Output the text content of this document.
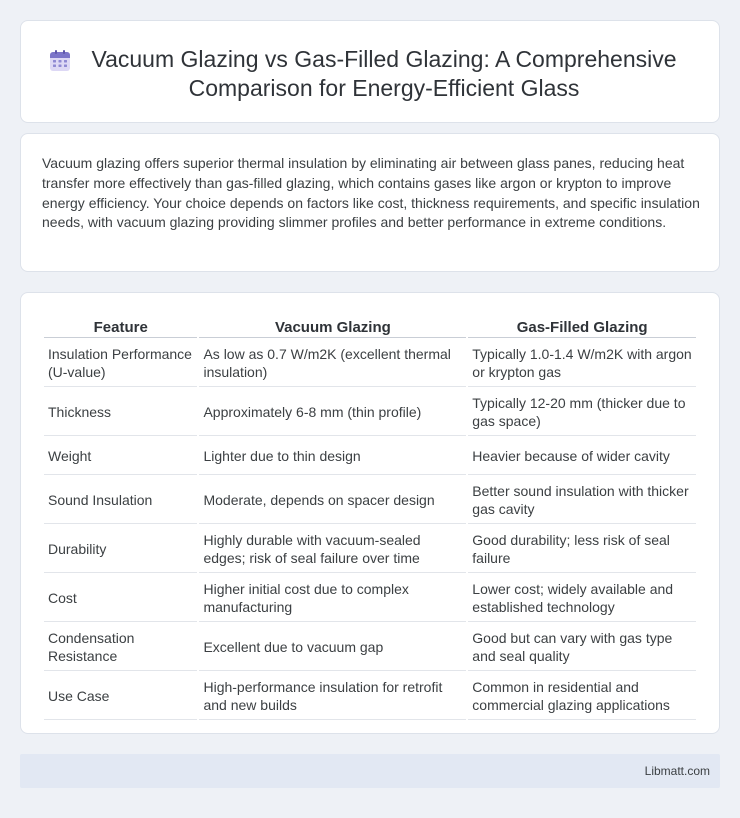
Vacuum Glazing vs Gas-Filled Glazing: A Comprehensive Comparison for Energy-Efficient Glass

Vacuum glazing offers superior thermal insulation by eliminating air between glass panes, reducing heat transfer more effectively than gas-filled glazing, which contains gases like argon or krypton to improve energy efficiency. Your choice depends on factors like cost, thickness requirements, and specific insulation needs, with vacuum glazing providing slimmer profiles and better performance in extreme conditions.

Feature	Vacuum Glazing	Gas-Filled Glazing
Insulation Performance (U-value)	As low as 0.7 W/m2K (excellent thermal insulation)	Typically 1.0-1.4 W/m2K with argon or krypton gas
Thickness	Approximately 6-8 mm (thin profile)	Typically 12-20 mm (thicker due to gas space)
Weight	Lighter due to thin design	Heavier because of wider cavity
Sound Insulation	Moderate, depends on spacer design	Better sound insulation with thicker gas cavity
Durability	Highly durable with vacuum-sealed edges; risk of seal failure over time	Good durability; less risk of seal failure
Cost	Higher initial cost due to complex manufacturing	Lower cost; widely available and established technology
Condensation Resistance	Excellent due to vacuum gap	Good but can vary with gas type and seal quality
Use Case	High-performance insulation for retrofit and new builds	Common in residential and commercial glazing applications
Libmatt.com
